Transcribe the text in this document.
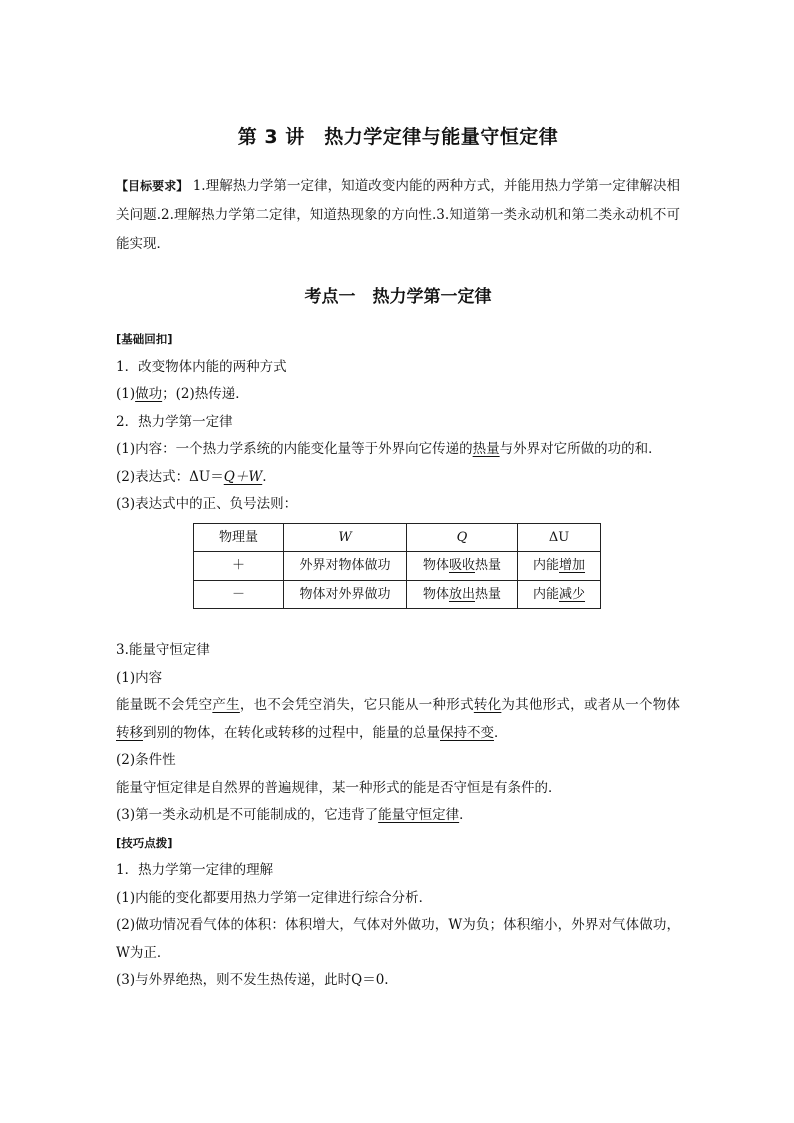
第 3 讲　热力学定律与能量守恒定律
【目标要求】 1.理解热力学第一定律，知道改变内能的两种方式，并能用热力学第一定律解决相关问题.2.理解热力学第二定律，知道热现象的方向性.3.知道第一类永动机和第二类永动机不可能实现．
考点一　热力学第一定律
[基础回扣]
1．改变物体内能的两种方式
(1)做功；(2)热传递．
2．热力学第一定律
(1)内容：一个热力学系统的内能变化量等于外界向它传递的热量与外界对它所做的功的和．
(2)表达式：ΔU＝Q＋W.
(3)表达式中的正、负号法则：
物理量	W	Q	ΔU
＋	外界对物体做功	物体吸收热量	内能增加
－	物体对外界做功	物体放出热量	内能减少
3.能量守恒定律
(1)内容
能量既不会凭空产生，也不会凭空消失，它只能从一种形式转化为其他形式，或者从一个物体转移到别的物体，在转化或转移的过程中，能量的总量保持不变．
(2)条件性
能量守恒定律是自然界的普遍规律，某一种形式的能是否守恒是有条件的．
(3)第一类永动机是不可能制成的，它违背了能量守恒定律．
[技巧点拨]
1．热力学第一定律的理解
(1)内能的变化都要用热力学第一定律进行综合分析．
(2)做功情况看气体的体积：体积增大，气体对外做功，W为负；体积缩小，外界对气体做功，W为正．
(3)与外界绝热，则不发生热传递，此时Q＝0.
